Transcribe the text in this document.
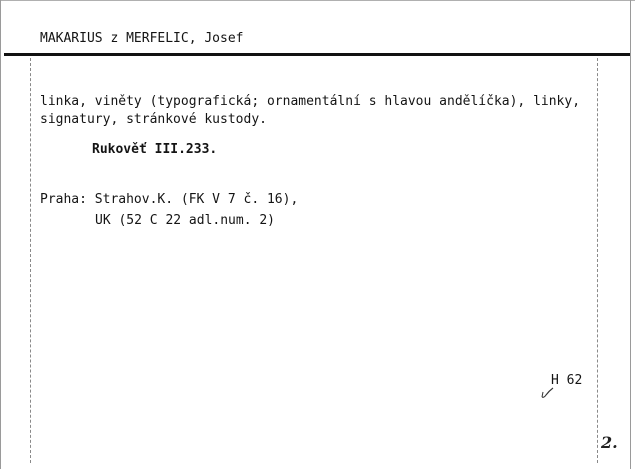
MAKARIUS z MERFELIC, Josef
linka, viněty (typografická; ornamentální s hlavou andělíčka), linky,
signatury, stránkové kustody.
Rukověť III.233.
Praha: Strahov.K. (FK V 7 č. 16),
UK (52 C 22 adl.num. 2)
H 62
2.
